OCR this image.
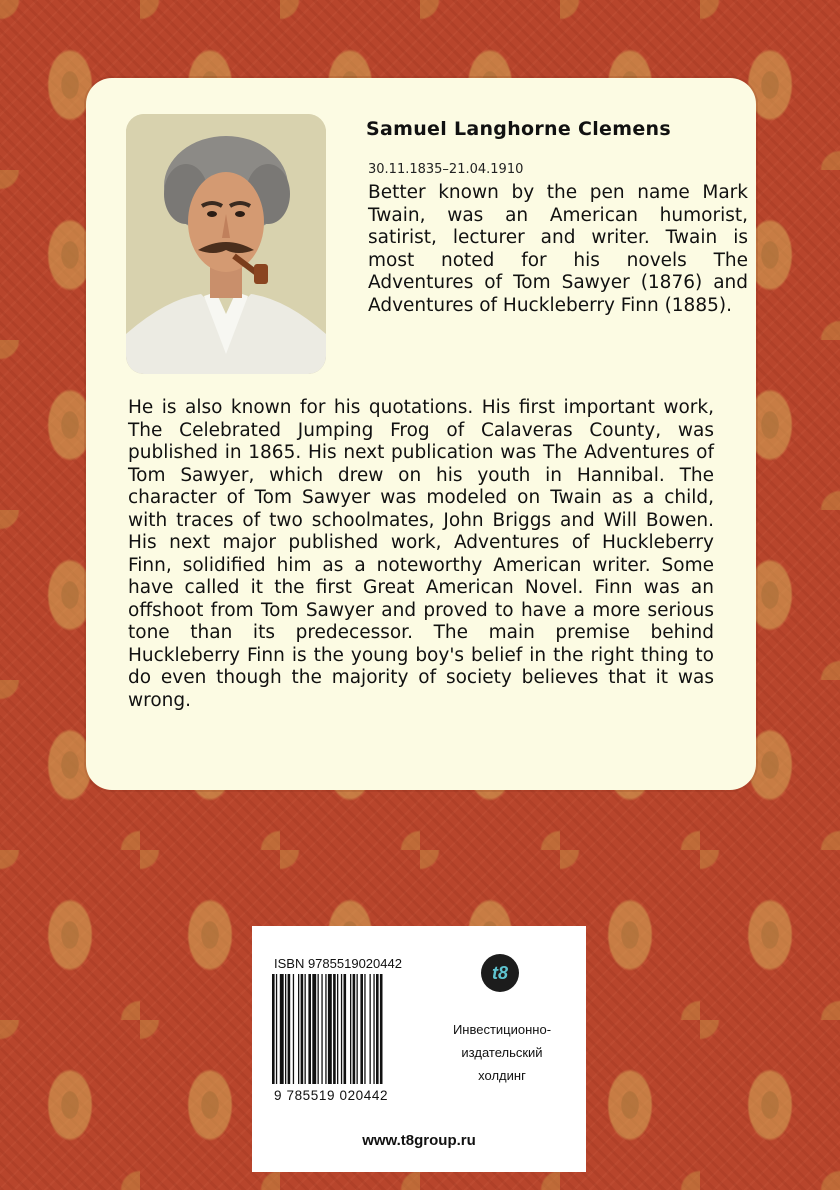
Samuel Langhorne Clemens
30.11.1835–21.04.1910
Better known by the pen name Mark Twain, was an American humorist, satirist, lecturer and writer. Twain is most noted for his novels The Adventures of Tom Sawyer (1876) and Adventures of Huckleberry Finn (1885).

He is also known for his quotations. His first important work, The Celebrated Jumping Frog of Calaveras County, was published in 1865. His next publication was The Adventures of Tom Sawyer, which drew on his youth in Hannibal. The character of Tom Sawyer was modeled on Twain as a child, with traces of two schoolmates, John Briggs and Will Bowen. His next major published work, Adventures of Huckleberry Finn, solidified him as a noteworthy American writer. Some have called it the first Great American Novel. Finn was an offshoot from Tom Sawyer and proved to have a more serious tone than its predecessor. The main premise behind Huckleberry Finn is the young boy's belief in the right thing to do even though the majority of society believes that it was wrong.

ISBN 9785519020442
9 785519 020442
t8
Инвестиционно-
издательский
холдинг
www.t8group.ru
